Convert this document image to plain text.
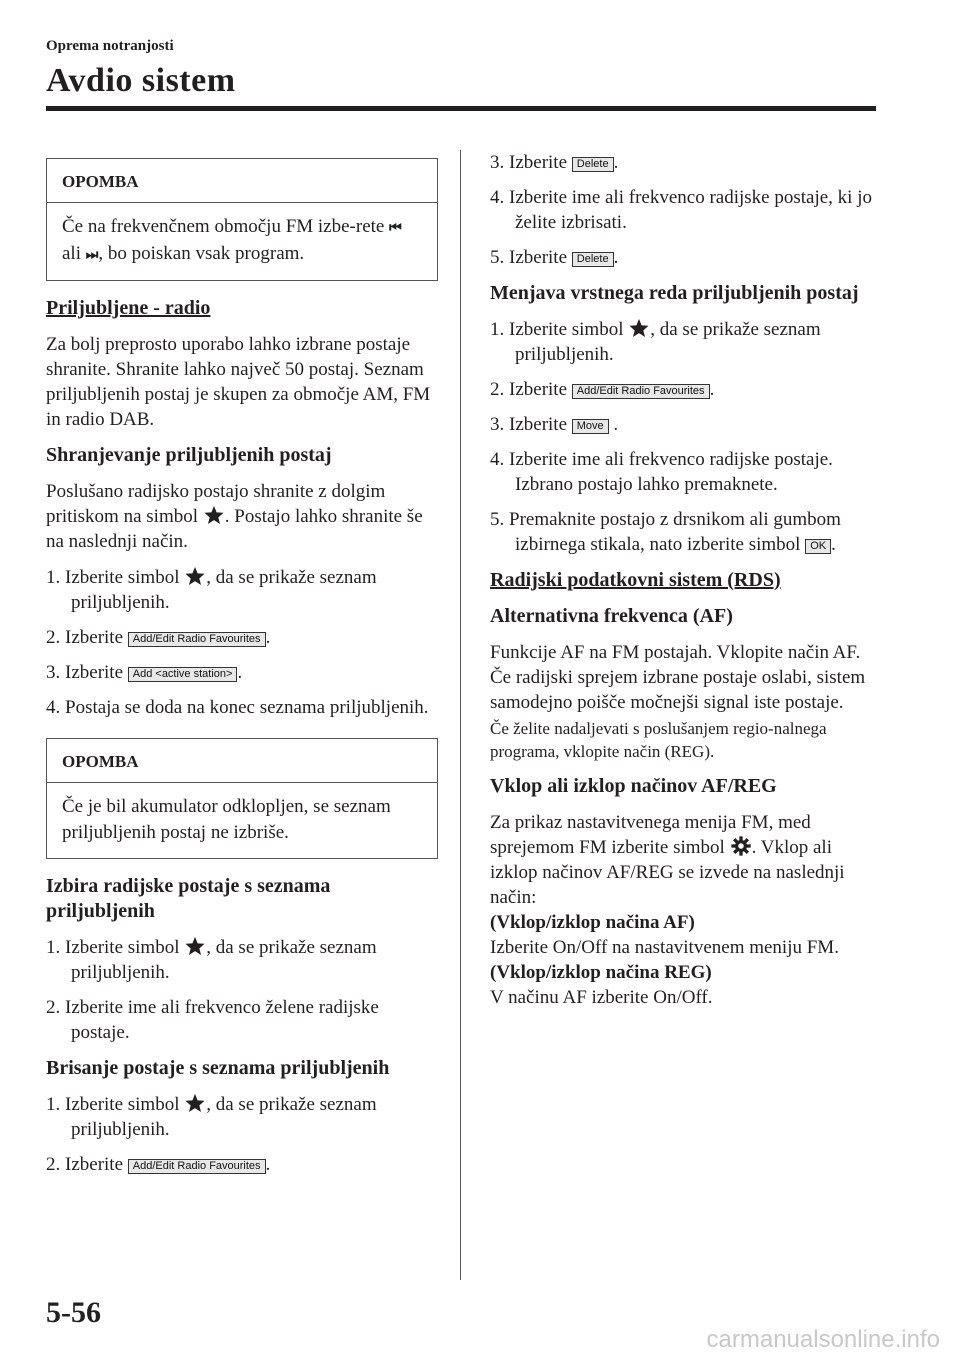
Oprema notranjosti
Avdio sistem
OPOMBA
Če na frekvenčnem območju FM izbe-rete ⏮ ali ⏭, bo poiskan vsak program.

Priljubljene - radio

Za bolj preprosto uporabo lahko izbrane postaje shranite. Shranite lahko največ 50 postaj. Seznam priljubljenih postaj je skupen za območje AM, FM in radio DAB.

Shranjevanje priljubljenih postaj

Poslušano radijsko postajo shranite z dolgim pritiskom na simbol . Postajo lahko shranite še na naslednji način.

1. Izberite simbol , da se prikaže seznam priljubljenih.
2. Izberite Add/Edit Radio Favourites .
3. Izberite Add <active station> .
4. Postaja se doda na konec seznama priljubljenih.
OPOMBA
Če je bil akumulator odklopljen, se seznam priljubljenih postaj ne izbriše.

Izbira radijske postaje s seznama priljubljenih

1. Izberite simbol , da se prikaže seznam priljubljenih.
2. Izberite ime ali frekvenco želene radijske postaje.

Brisanje postaje s seznama priljubljenih

1. Izberite simbol , da se prikaže seznam priljubljenih.
2. Izberite Add/Edit Radio Favourites .
3. Izberite Delete .
4. Izberite ime ali frekvenco radijske postaje, ki jo želite izbrisati.
5. Izberite Delete .

Menjava vrstnega reda priljubljenih postaj

1. Izberite simbol , da se prikaže seznam priljubljenih.
2. Izberite Add/Edit Radio Favourites .
3. Izberite Move .
4. Izberite ime ali frekvenco radijske postaje. Izbrano postajo lahko premaknete.
5. Premaknite postajo z drsnikom ali gumbom izbirnega stikala, nato izberite simbol OK .

Radijski podatkovni sistem (RDS)

Alternativna frekvenca (AF)

Funkcije AF na FM postajah. Vklopite način AF. Če radijski sprejem izbrane postaje oslabi, sistem samodejno poišče močnejši signal iste postaje.

Če želite nadaljevati s poslušanjem regio-nalnega programa, vklopite način (REG).

Vklop ali izklop načinov AF/REG

Za prikaz nastavitvenega menija FM, med sprejemom FM izberite simbol . Vklop ali izklop načinov AF/REG se izvede na naslednji način:

(Vklop/izklop načina AF)

Izberite On/Off na nastavitvenem meniju FM. (Vklop/izklop načina REG)

V načinu AF izberite On/Off.

5-56
carmanualsonline.info
